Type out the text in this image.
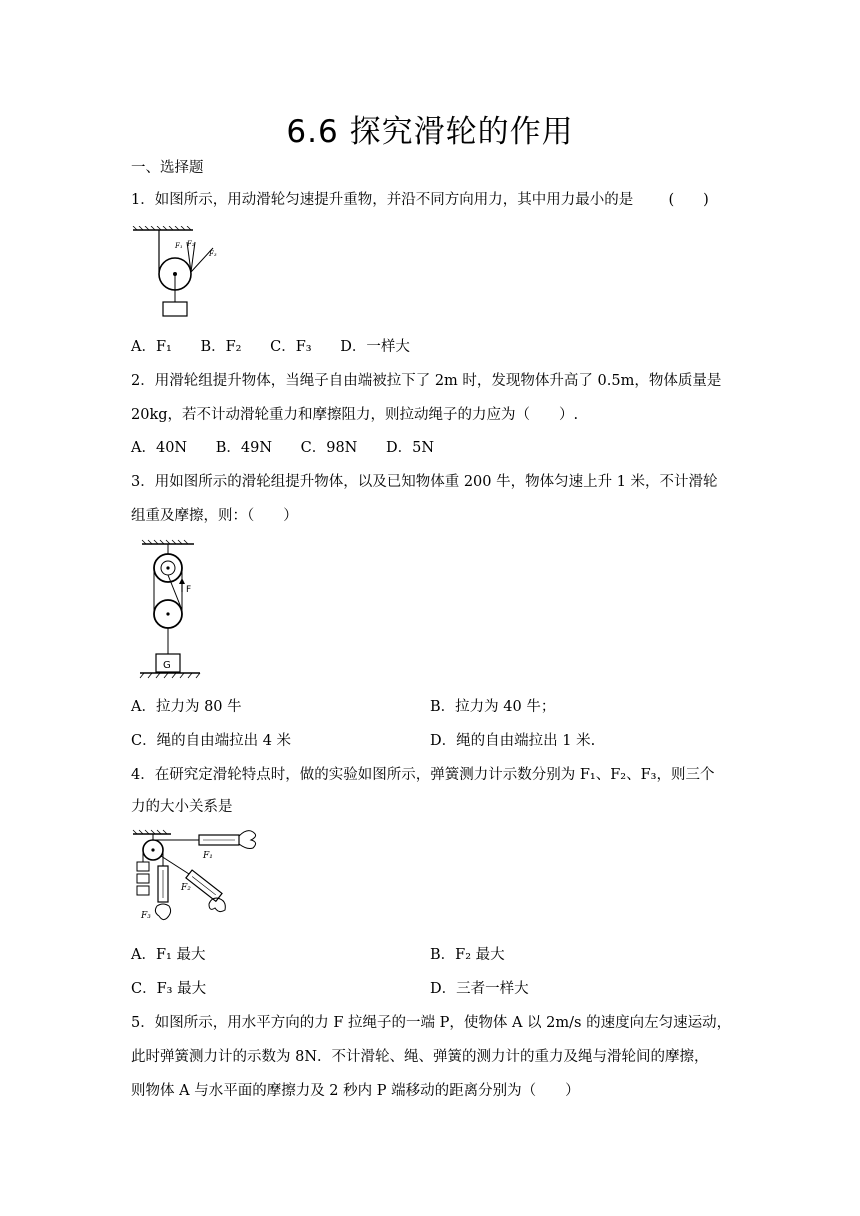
6.6 探究滑轮的作用
一、选择题
1．如图所示，用动滑轮匀速提升重物，并沿不同方向用力，其中用力最小的是 (　　)
F₁ F₂
F₃
A．F₁ B．F₂ C．F₃ D．一样大
2．用滑轮组提升物体，当绳子自由端被拉下了 2m 时，发现物体升高了 0.5m，物体质量是
20kg，若不计动滑轮重力和摩擦阻力，则拉动绳子的力应为（　　）.
A．40N B．49N C．98N D．5N
3．用如图所示的滑轮组提升物体，以及已知物体重 200 牛，物体匀速上升 1 米，不计滑轮
组重及摩擦，则：（　　）
F
G
A．拉力为 80 牛	B．拉力为 40 牛；
C．绳的自由端拉出 4 米	D．绳的自由端拉出 1 米.
4．在研究定滑轮特点时，做的实验如图所示，弹簧测力计示数分别为 F₁、F₂、F₃，则三个
力的大小关系是
F₁
F₂
F₃
A．F₁ 最大	B．F₂ 最大
C．F₃ 最大	D．三者一样大
5．如图所示，用水平方向的力 F 拉绳子的一端 P，使物体 A 以 2m/s 的速度向左匀速运动，
此时弹簧测力计的示数为 8N．不计滑轮、绳、弹簧的测力计的重力及绳与滑轮间的摩擦，
则物体 A 与水平面的摩擦力及 2 秒内 P 端移动的距离分别为（　　）
